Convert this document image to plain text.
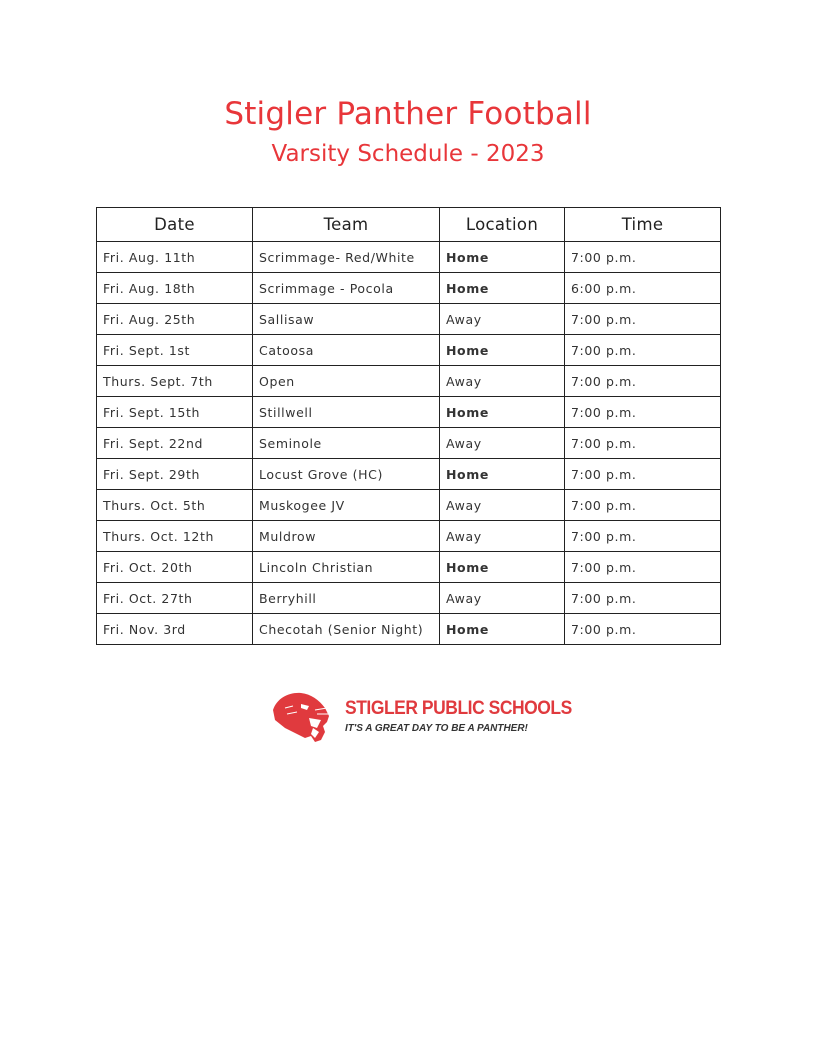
Stigler Panther Football
Varsity Schedule - 2023
Date	Team	Location	Time
Fri. Aug. 11th	Scrimmage- Red/White	Home	7:00 p.m.
Fri. Aug. 18th	Scrimmage - Pocola	Home	6:00 p.m.
Fri. Aug. 25th	Sallisaw	Away	7:00 p.m.
Fri. Sept. 1st	Catoosa	Home	7:00 p.m.
Thurs. Sept. 7th	Open	Away	7:00 p.m.
Fri. Sept. 15th	Stillwell	Home	7:00 p.m.
Fri. Sept. 22nd	Seminole	Away	7:00 p.m.
Fri. Sept. 29th	Locust Grove (HC)	Home	7:00 p.m.
Thurs. Oct. 5th	Muskogee JV	Away	7:00 p.m.
Thurs. Oct. 12th	Muldrow	Away	7:00 p.m.
Fri. Oct. 20th	Lincoln Christian	Home	7:00 p.m.
Fri. Oct. 27th	Berryhill	Away	7:00 p.m.
Fri. Nov. 3rd	Checotah (Senior Night)	Home	7:00 p.m.
STIGLER PUBLIC SCHOOLS
IT'S A GREAT DAY TO BE A PANTHER!
